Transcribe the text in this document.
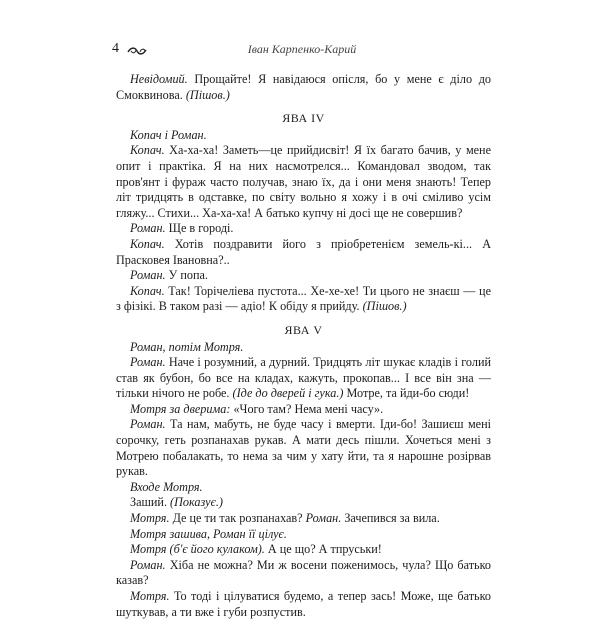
4	Іван Карпенко-Карий

Невідомий. Прощайте! Я навідаюся опісля, бо у мене є діло до Смоквинова. (Пішов.)

ЯВА IV

Копач і Роман.

Копач. Ха-ха-ха! Заметь—це прийдисвіт! Я їх багато бачив, у мене опит і практіка. Я на них насмотрелся... Командовал зводом, так пров'янт і фураж часто получав, знаю їх, да і они меня знають! Тепер літ тридцять в одставке, по світу вольно я хожу і в очі сміливо усім гляжу... Стихи... Ха-ха-ха! А батько купчу ні досі ще не совершив?

Роман. Ще в городі.

Копач. Хотів поздравити його з пріобретенієм земель-кі... А Прасковея Івановна?..

Роман. У попа.

Копач. Так! Торічеліева пустота... Хе-хе-хе! Ти цього не знаєш — це з фізікі. В таком разі — адіо! К обіду я прийду. (Пішов.)

ЯВА V

Роман, потім Мотря.

Роман. Наче і розумний, а дурний. Тридцять літ шукає кладів і голий став як бубон, бо все на кладах, кажуть, прокопав... І все він зна — тільки нічого не робе. (Іде до дверей і гука.) Мотре, та йди-бо сюди!

Мотря за дверима: «Чого там? Нема мені часу».

Роман. Та нам, мабуть, не буде часу і вмерти. Іди-бо! Зашиєш мені сорочку, геть розпанахав рукав. А мати десь пішли. Хочеться мені з Мотрею побалакать, то нема за чим у хату йти, та я нарошне розірвав рукав.

Входе Мотря.

Заший. (Показує.)

Мотря. Де це ти так розпанахав? Роман. Зачепився за вила.

Мотря зашива, Роман її цілує.

Мотря (б'є його кулаком). А це що? А тпруськи!

Роман. Хіба не можна? Ми ж восени поженимось, чула? Що батько казав?

Мотря. То тоді і цілуватися будемо, а тепер зась! Може, ще батько шуткував, а ти вже і губи розпустив.
